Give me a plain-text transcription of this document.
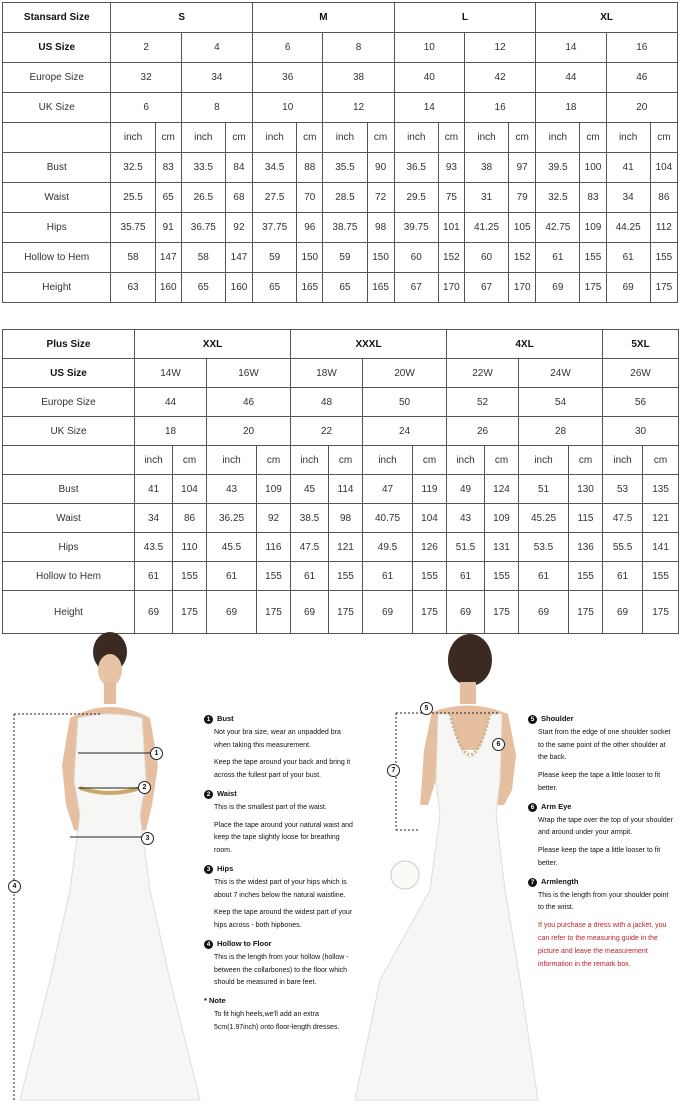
Stansard Size	S				M				L				XL			
US Size	2		4		6		8		10		12		14		16	
Europe Size	32		34		36		38		40		42		44		46	
UK Size	6		8		10		12		14		16		18		20	
	inch	cm	inch	cm	inch	cm	inch	cm	inch	cm	inch	cm	inch	cm	inch	cm
Bust	32.5	83	33.5	84	34.5	88	35.5	90	36.5	93	38	97	39.5	100	41	104
Waist	25.5	65	26.5	68	27.5	70	28.5	72	29.5	75	31	79	32.5	83	34	86
Hips	35.75	91	36.75	92	37.75	96	38.75	98	39.75	101	41.25	105	42.75	109	44.25	112
Hollow to Hem	58	147	58	147	59	150	59	150	60	152	60	152	61	155	61	155
Height	63	160	65	160	65	165	65	165	67	170	67	170	69	175	69	175
Plus Size	XXL				XXXL				4XL				5XL	
US Size	14W		16W		18W		20W		22W		24W		26W	
Europe Size	44		46		48		50		52		54		56	
UK Size	18		20		22		24		26		28		30	
	inch	cm	inch	cm	inch	cm	inch	cm	inch	cm	inch	cm	inch	cm
Bust	41	104	43	109	45	114	47	119	49	124	51	130	53	135
Waist	34	86	36.25	92	38.5	98	40.75	104	43	109	45.25	115	47.5	121
Hips	43.5	110	45.5	116	47.5	121	49.5	126	51.5	131	53.5	136	55.5	141
Hollow to Hem	61	155	61	155	61	155	61	155	61	155	61	155	61	155
Height	69	175	69	175	69	175	69	175	69	175	69	175	69	175
1
2
3
4
1 Bust

Not your bra size, wear an unpadded bra when taking this measurement.

Keep the tape around your back and bring it across the fullest part of your bust.

2 Waist

This is the smallest part of the waist.

Place the tape around your natural waist and keep the tape slightly loose for breathing room.

3 Hips

This is the widest part of your hips which is about 7 inches below the natural waistline.

Keep the tape around the widest part of your hips across - both hipbones.

4 Hollow to Floor

This is the length from your hollow (hollow - between the collarbones) to the floor which should be measured in bare feet.

* Note

To fit high heels,we'll add an extra 5cm(1.97inch) onto floor-length dresses.

5
6
7
5 Shoulder

Start from the edge of one shoulder socket to the same point of the other shoulder at the back.

Please keep the tape a little looser to fit better.

6 Arm Eye

Wrap the tape over the top of your shoulder and around under your armpit.

Please keep the tape a little looser to fit better.

7 Armlength

This is the length from your shoulder point to the wrist.

If you purchase a dress with a jacket, you can refer to the measuring guide in the picture and leave the measurement information in the remark box.
